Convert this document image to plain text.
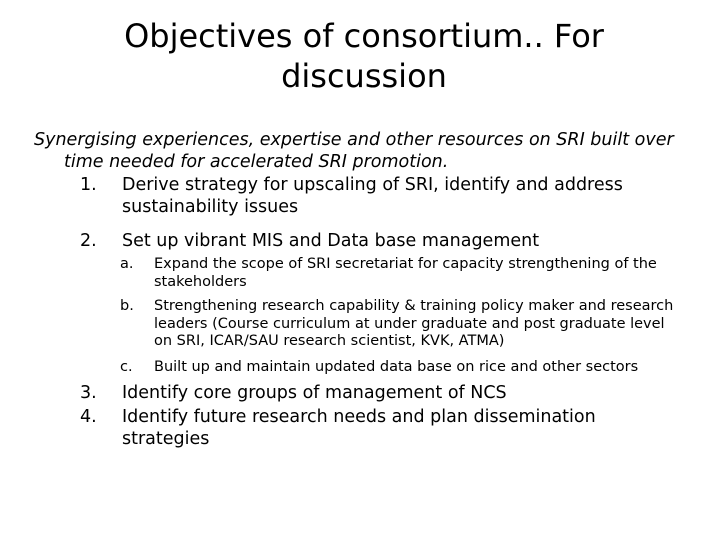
Objectives of consortium.. For discussion
Synergising experiences, expertise and other resources on SRI built over time needed for accelerated SRI promotion.
1. Derive strategy for upscaling of SRI, identify and address sustainability issues
2. Set up vibrant MIS and Data base management
a. Expand the scope of SRI secretariat for capacity strengthening of the stakeholders
b. Strengthening research capability & training policy maker and research leaders (Course curriculum at under graduate and post graduate level on SRI, ICAR/SAU research scientist, KVK, ATMA)
c. Built up and maintain updated data base on rice and other sectors
3. Identify core groups of management of NCS
4. Identify future research needs and plan dissemination strategies
